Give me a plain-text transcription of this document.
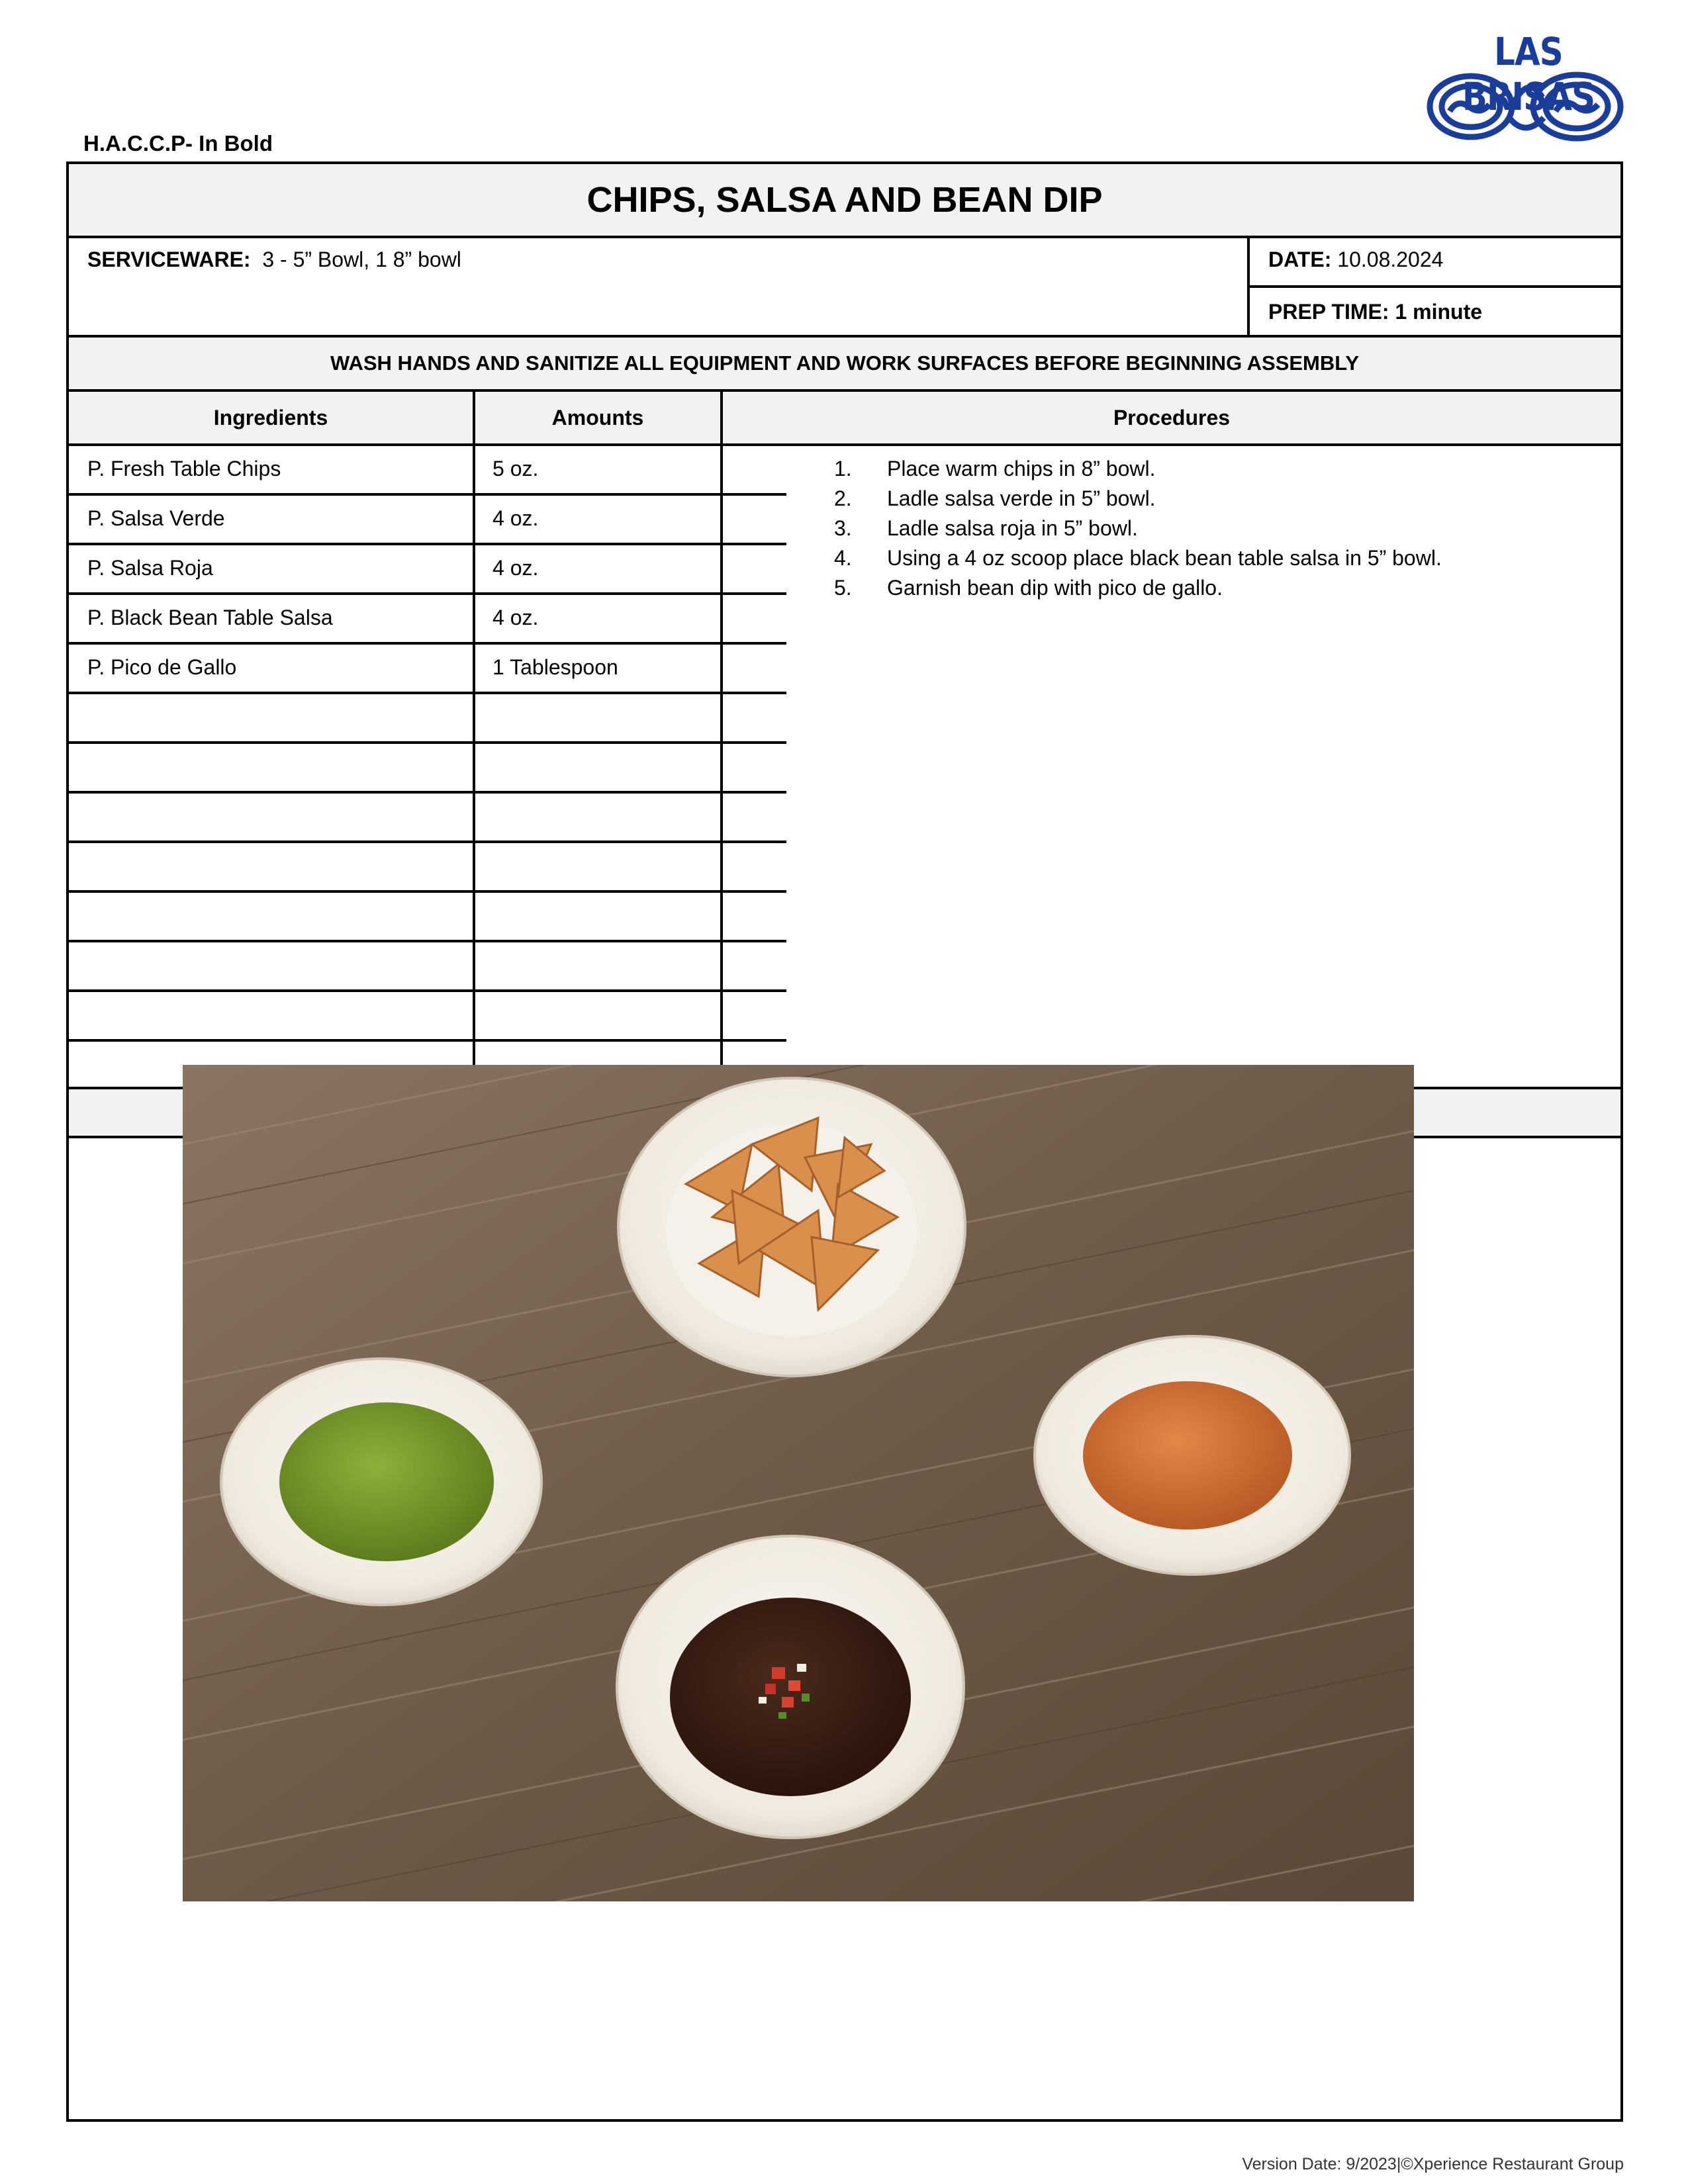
LAS BRISAS
H.A.C.C.P- In Bold
CHIPS, SALSA AND BEAN DIP
SERVICEWARE: 3 - 5” Bowl, 1 8” bowl	DATE: 10.08.2024
PREP TIME: 1 minute
WASH HANDS AND SANITIZE ALL EQUIPMENT AND WORK SURFACES BEFORE BEGINNING ASSEMBLY
Ingredients	Amounts	Procedures
P. Fresh Table Chips	5 oz.
P. Salsa Verde	4 oz.
P. Salsa Roja	4 oz.
P. Black Bean Table Salsa	4 oz.
P. Pico de Gallo	1 Tablespoon
1. Place warm chips in 8” bowl.
2. Ladle salsa verde in 5” bowl.
3. Ladle salsa roja in 5” bowl.
4. Using a 4 oz scoop place black bean table salsa in 5” bowl.
5. Garnish bean dip with pico de gallo.
Version Date: 9/2023|©Xperience Restaurant Group
